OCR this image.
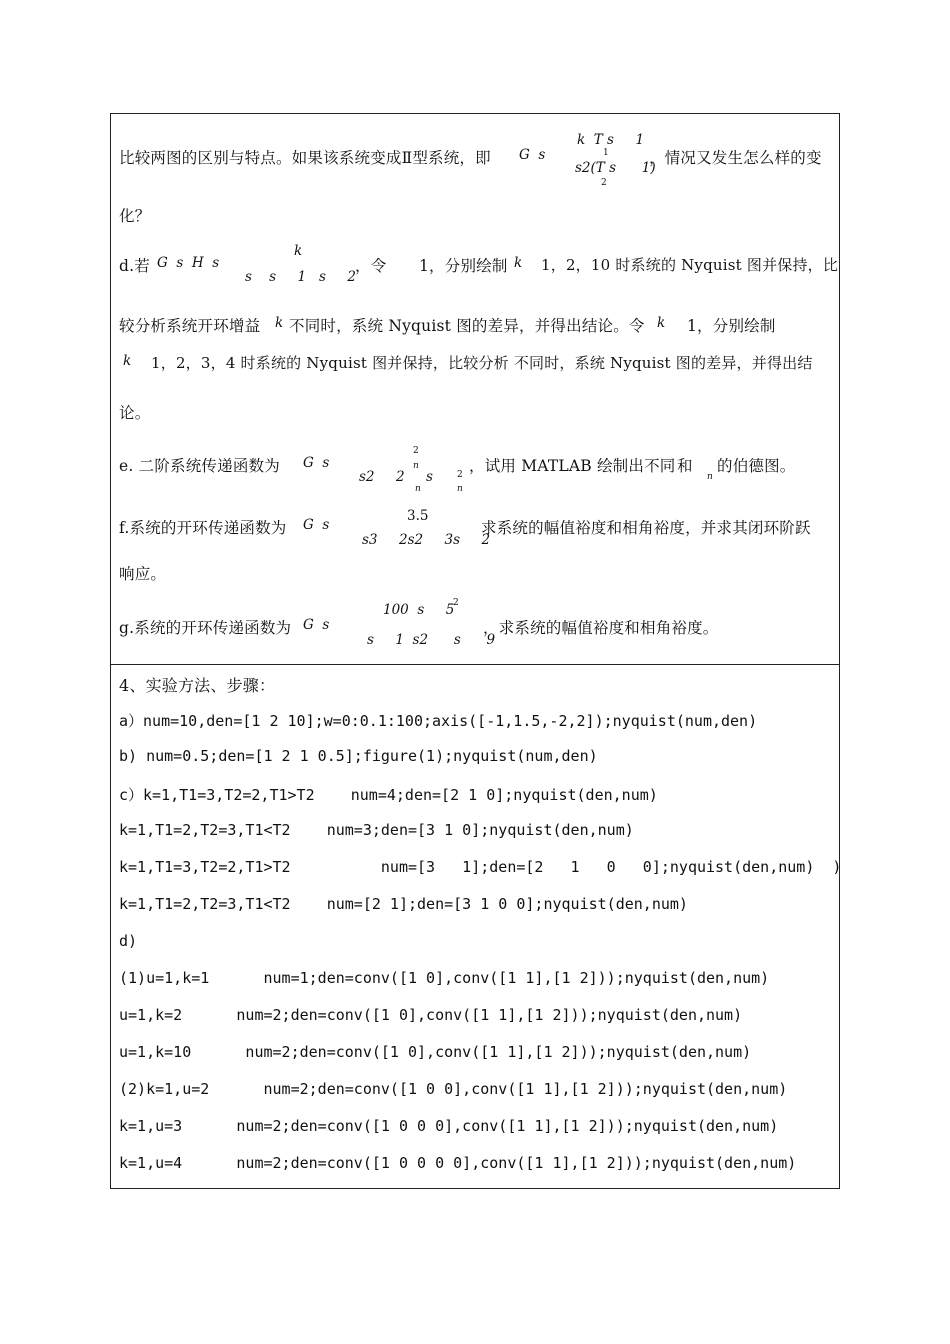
比较两图的区别与特点。如果该系统变成Ⅱ型系统，即 G  s
k  T s     1
1
s2(T s      1)
2
，情况又发生怎么样的变
化？
d.若 G  s  H  s
k
s    s     1   s     2
，令 1，分别绘制 k 1，2，10 时系统的 Nyquist 图并保持，比
较分析系统开环增益 k 不同时，系统 Nyquist 图的差异，并得出结论。令 k 1，分别绘制
k 1，2，3，4 时系统的 Nyquist 图并保持，比较分析 不同时，系统 Nyquist 图的差异，并得出结
论。
e. 二阶系统传递函数为 G  s
2
n
s2     2     s	2
n	n
，试用 MATLAB 绘制出不同 和
n
的伯德图。
f.系统的开环传递函数为 G  s
3.5
s3     2s2     3s     2
求系统的幅值裕度和相角裕度，并求其闭环阶跃
响应。
g.系统的开环传递函数为 G  s
100  s     5
2
s     1  s2      s      9
，求系统的幅值裕度和相角裕度。
4、实验方法、步骤：
a）num=10,den=[1 2 10];w=0:0.1:100;axis([-1,1.5,-2,2]);nyquist(num,den)
b) num=0.5;den=[1 2 1 0.5];figure(1);nyquist(num,den)
c）k=1,T1=3,T2=2,T1>T2    num=4;den=[2 1 0];nyquist(den,num)
k=1,T1=2,T2=3,T1<T2    num=3;den=[3 1 0];nyquist(den,num)
k=1,T1=3,T2=2,T1>T2          num=[3   1];den=[2   1   0   0];nyquist(den,num)  )
k=1,T1=2,T2=3,T1<T2    num=[2 1];den=[3 1 0 0];nyquist(den,num)
d)
(1)u=1,k=1      num=1;den=conv([1 0],conv([1 1],[1 2]));nyquist(den,num)
u=1,k=2      num=2;den=conv([1 0],conv([1 1],[1 2]));nyquist(den,num)
u=1,k=10      num=2;den=conv([1 0],conv([1 1],[1 2]));nyquist(den,num)
(2)k=1,u=2      num=2;den=conv([1 0 0],conv([1 1],[1 2]));nyquist(den,num)
k=1,u=3      num=2;den=conv([1 0 0 0],conv([1 1],[1 2]));nyquist(den,num)
k=1,u=4      num=2;den=conv([1 0 0 0 0],conv([1 1],[1 2]));nyquist(den,num)
